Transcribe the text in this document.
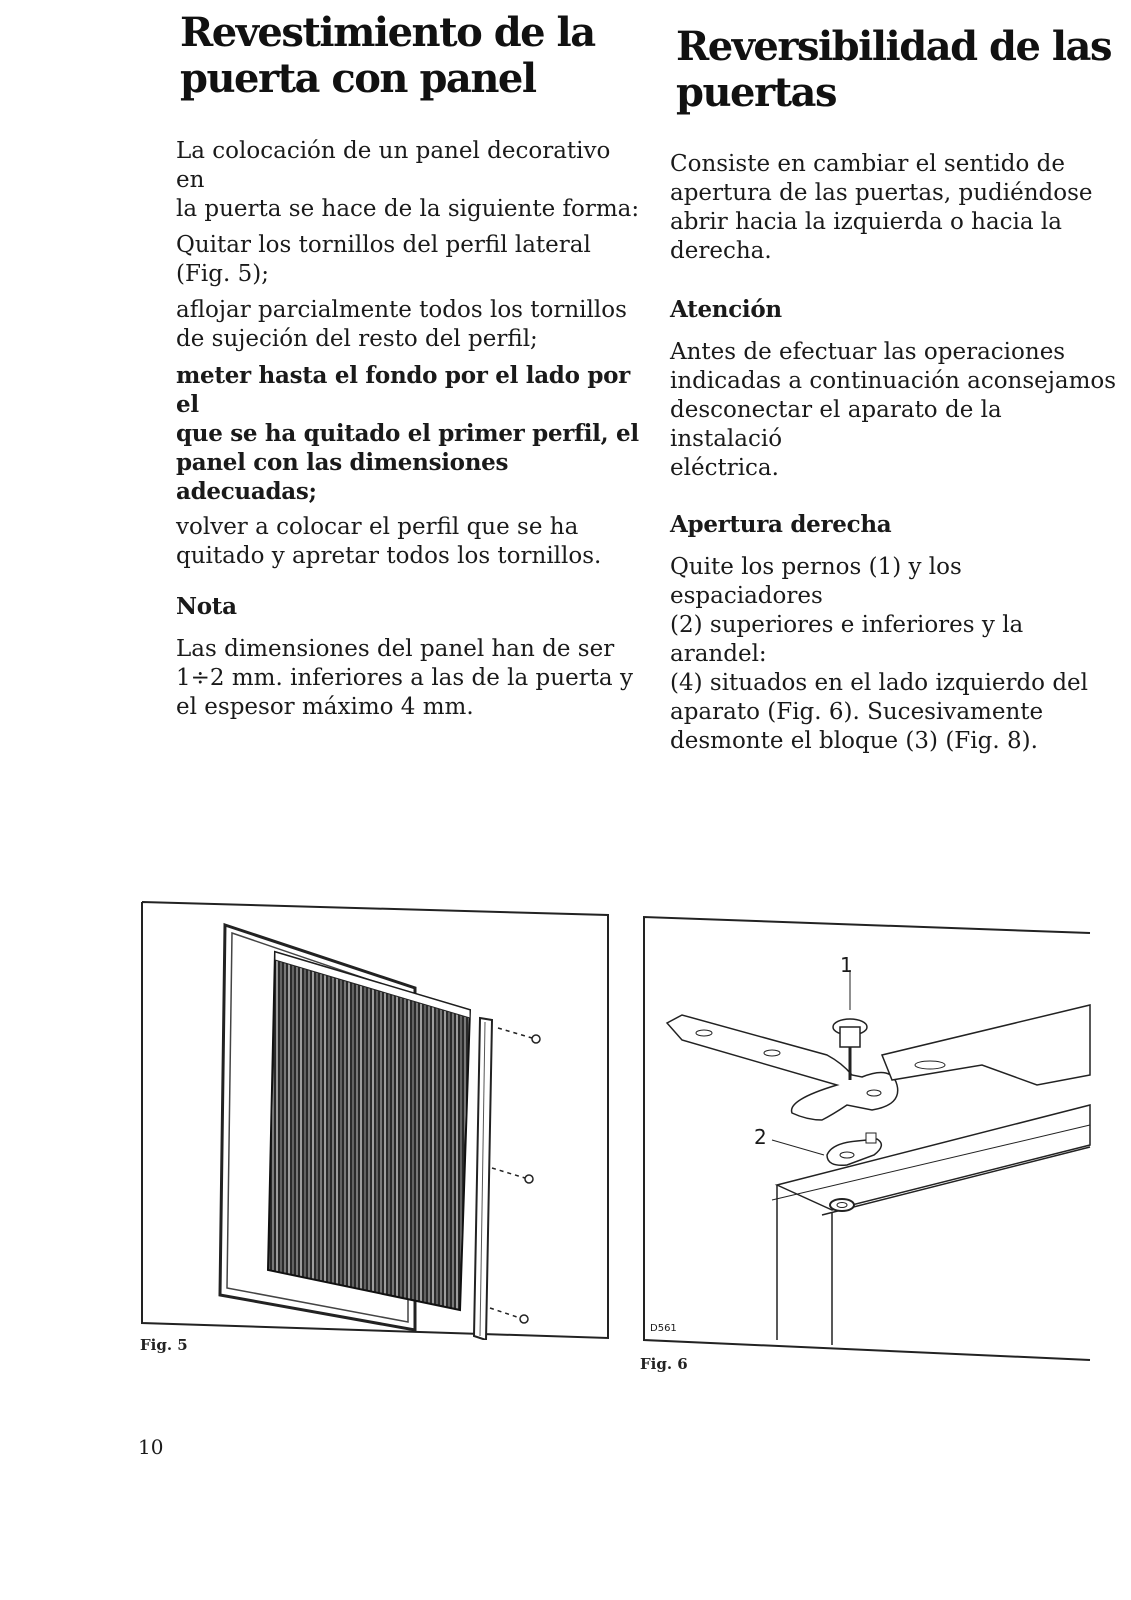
Revestimiento de la
puerta con panel

La colocación de un panel decorativo en
la puerta se hace de la siguiente forma:

Quitar los tornillos del perfil lateral
(Fig. 5);

aflojar parcialmente todos los tornillos
de sujeción del resto del perfil;

meter hasta el fondo por el lado por el
que se ha quitado el primer perfil, el
panel con las dimensiones adecuadas;

volver a colocar el perfil que se ha
quitado y apretar todos los tornillos.

Nota

Las dimensiones del panel han de ser
1÷2 mm. inferiores a las de la puerta y
el espesor máximo 4 mm.

Reversibilidad de las
puertas

Consiste en cambiar el sentido de
apertura de las puertas, pudiéndose
abrir hacia la izquierda o hacia la
derecha.

Atención

Antes de efectuar las operaciones
indicadas a continuación aconsejamos
desconectar el aparato de la instalació
eléctrica.

Apertura derecha

Quite los pernos (1) y los espaciadores
(2) superiores e inferiores y la arandel:
(4) situados en el lado izquierdo del
aparato (Fig. 6). Sucesivamente
desmonte el bloque (3) (Fig. 8).

Fig. 5
1
2
D561
Fig. 6
10
